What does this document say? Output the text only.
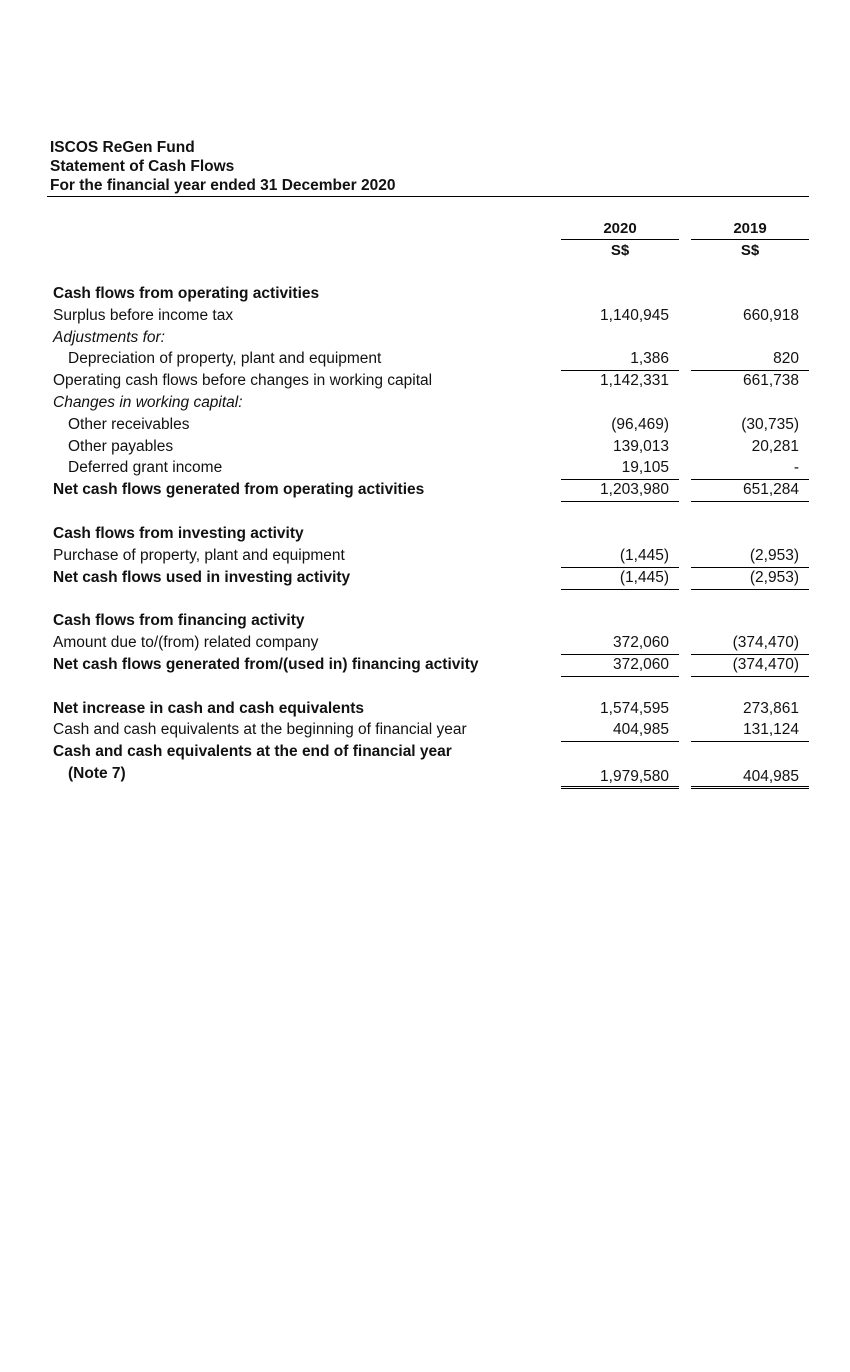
ISCOS ReGen Fund
Statement of Cash Flows
For the financial year ended 31 December 2020
2020	2019
S$	S$
Cash flows from operating activities
Surplus before income tax	1,140,945	660,918
Adjustments for:
Depreciation of property, plant and equipment	1,386	820
Operating cash flows before changes in working capital	1,142,331	661,738
Changes in working capital:
Other receivables	(96,469)	(30,735)
Other payables	139,013	20,281
Deferred grant income	19,105	-
Net cash flows generated from operating activities	1,203,980	651,284
Cash flows from investing activity
Purchase of property, plant and equipment	(1,445)	(2,953)
Net cash flows used in investing activity	(1,445)	(2,953)
Cash flows from financing activity
Amount due to/(from) related company	372,060	(374,470)
Net cash flows generated from/(used in) financing activity	372,060	(374,470)
Net increase in cash and cash equivalents	1,574,595	273,861
Cash and cash equivalents at the beginning of financial year	404,985	131,124
Cash and cash equivalents at the end of financial year
(Note 7)	1,979,580	404,985
